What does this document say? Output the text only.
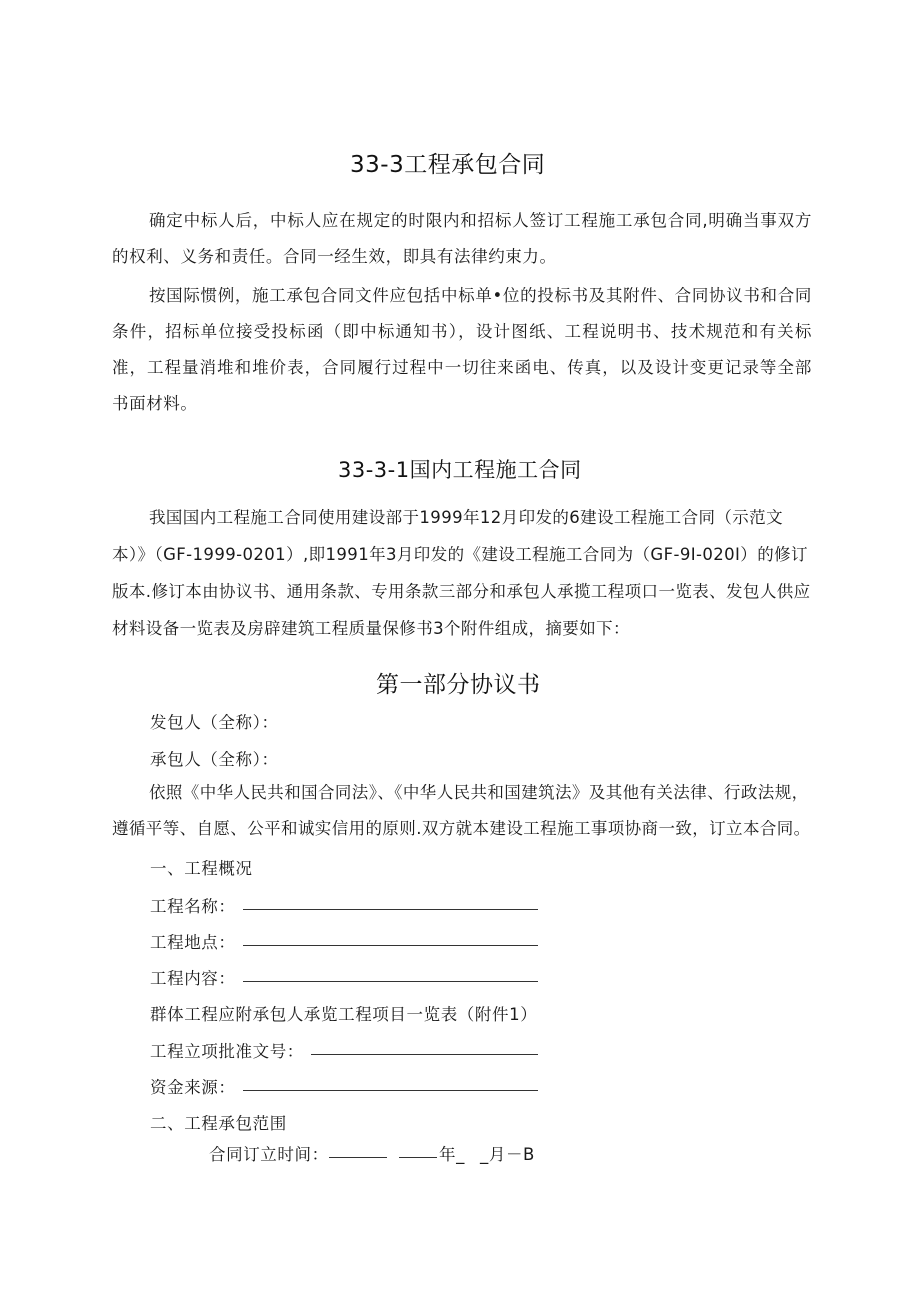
33-3工程承包合同
确定中标人后，中标人应在规定的时限内和招标人签订工程施工承包合同,明确当事双方的权利、义务和责任。合同一经生效，即具有法律约束力。
按国际惯例，施工承包合同文件应包括中标单•位的投标书及其附件、合同协议书和合同条件，招标单位接受投标函（即中标通知书），设计图纸、工程说明书、技术规范和有关标准，工程量消堆和堆价表，合同履行过程中一切往来函电、传真，以及设计变更记录等全部书面材料。
33-3-1国内工程施工合同
我国国内工程施工合同使用建设部于1999年12月印发的6建设工程施工合同（示范文本）》（GF-1999-0201）,即1991年3月印发的《建设工程施工合同为（GF-9I-020I）的修订版本.修订本由协议书、通用条款、专用条款三部分和承包人承揽工程项口一览表、发包人供应材料设备一览表及房辟建筑工程质量保修书3个附件组成，摘要如下：
第一部分协议书
发包人（全称）：
承包人（全称）：
依照《中华人民共和国合同法》、《中华人民共和国建筑法》及其他有关法律、行政法规，遵循平等、自愿、公平和诚实信用的原则.双方就本建设工程施工事项协商一致，订立本合同。
一、工程概况
工程名称：
工程地点：
工程内容：
群体工程应附承包人承览工程项目一览表（附件1）
工程立项批准文号：
资金来源：
二、工程承包范围
合同订立时间：	年_ _月－B
